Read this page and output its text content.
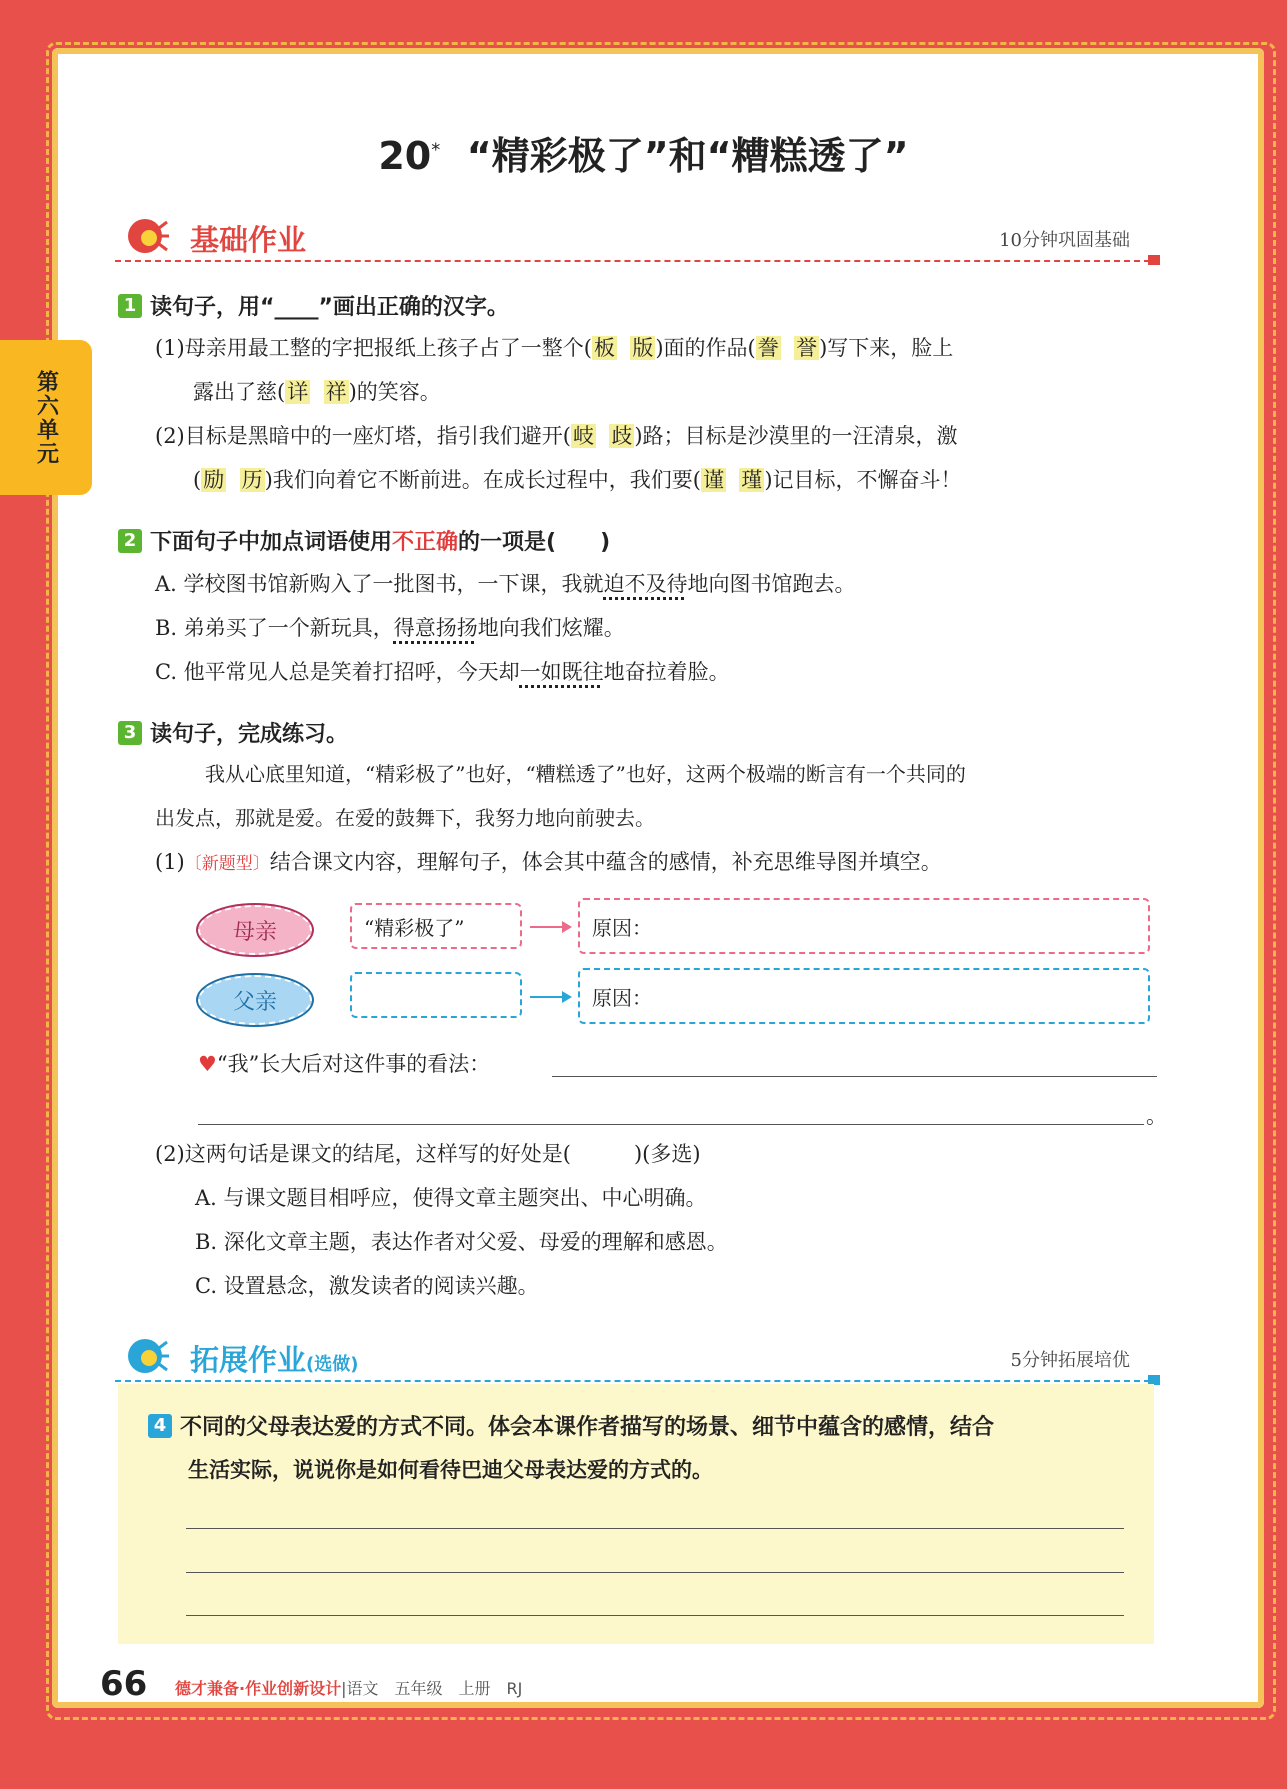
第六单元
20* “精彩极了”和“糟糕透了”
基础作业	10分钟巩固基础
1 读句子，用“____”画出正确的汉字。
(1)母亲用最工整的字把报纸上孩子占了一整个(板 版)面的作品(誊 誉)写下来，脸上
露出了慈(详 祥)的笑容。
(2)目标是黑暗中的一座灯塔，指引我们避开(岐 歧)路；目标是沙漠里的一汪清泉，激
(励 历)我们向着它不断前进。在成长过程中，我们要(谨 瑾)记目标，不懈奋斗！
2 下面句子中加点词语使用 不正确 的一项是(　　)
A. 学校图书馆新购入了一批图书，一下课，我就迫不及待地向图书馆跑去。
B. 弟弟买了一个新玩具，得意扬扬地向我们炫耀。
C. 他平常见人总是笑着打招呼，今天却一如既往地奋拉着脸。
3 读句子，完成练习。
我从心底里知道，“精彩极了”也好，“糟糕透了”也好，这两个极端的断言有一个共同的
出发点，那就是爱。在爱的鼓舞下，我努力地向前驶去。
(1)〔新题型〕结合课文内容，理解句子，体会其中蕴含的感情，补充思维导图并填空。
母亲	“精彩极了”	原因：
父亲	原因：
♥“我”长大后对这件事的看法：
。
(2)这两句话是课文的结尾，这样写的好处是(　　　)(多选)
A. 与课文题目相呼应，使得文章主题突出、中心明确。
B. 深化文章主题，表达作者对父爱、母爱的理解和感恩。
C. 设置悬念，激发读者的阅读兴趣。
拓展作业(选做)	5分钟拓展培优
4 不同的父母表达爱的方式不同。体会本课作者描写的场景、细节中蕴含的感情，结合
生活实际，说说你是如何看待巴迪父母表达爱的方式的。
66 德才兼备·作业创新设计|语文　五年级　上册　RJ
